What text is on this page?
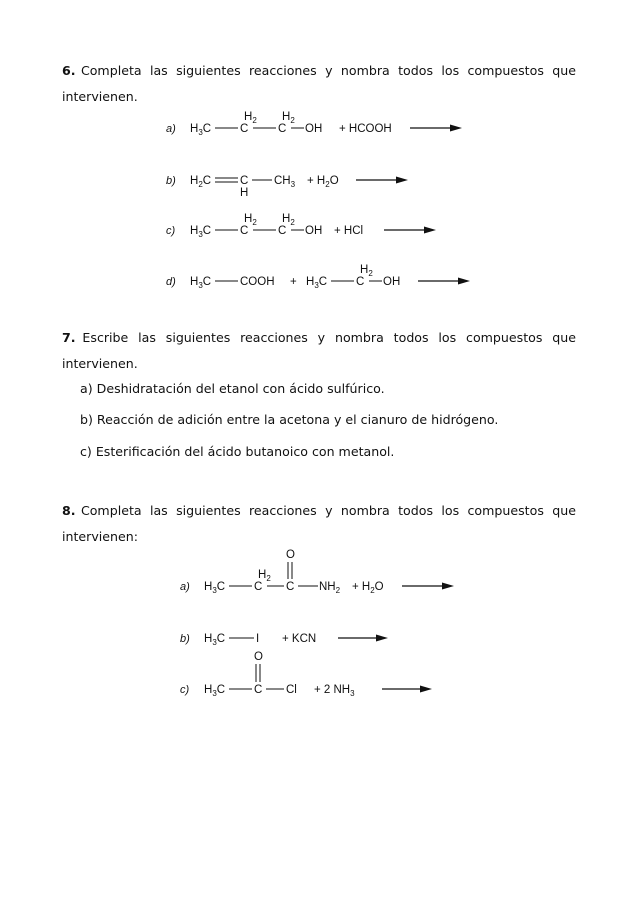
6. Completa las siguientes reacciones y nombra todos los compuestos que intervienen.
a) $H_3C$
$H_2$
C
$H_2$
C OH + HCOOH
b) $H_2C$	C
H
$CH_3 + H_2O$
c) $H_3C$
$H_2$
C
$H_2$
C OH + HCl
d) $H_3C$	COOH + $H_3C$
$H_2$
C OH
7. Escribe las siguientes reacciones y nombra todos los compuestos que intervienen.
a) Deshidratación del etanol con ácido sulfúrico.
b) Reacción de adición entre la acetona y el cianuro de hidrógeno.
c) Esterificación del ácido butanoico con metanol.
8. Completa las siguientes reacciones y nombra todos los compuestos que intervienen:
a) $H_3C$
$H_2$
C
O
C $NH_2 + H_2O$
b) $H_3C$	I + KCN
c) $H_3C$
O
C Cl + 2 $NH_3$
